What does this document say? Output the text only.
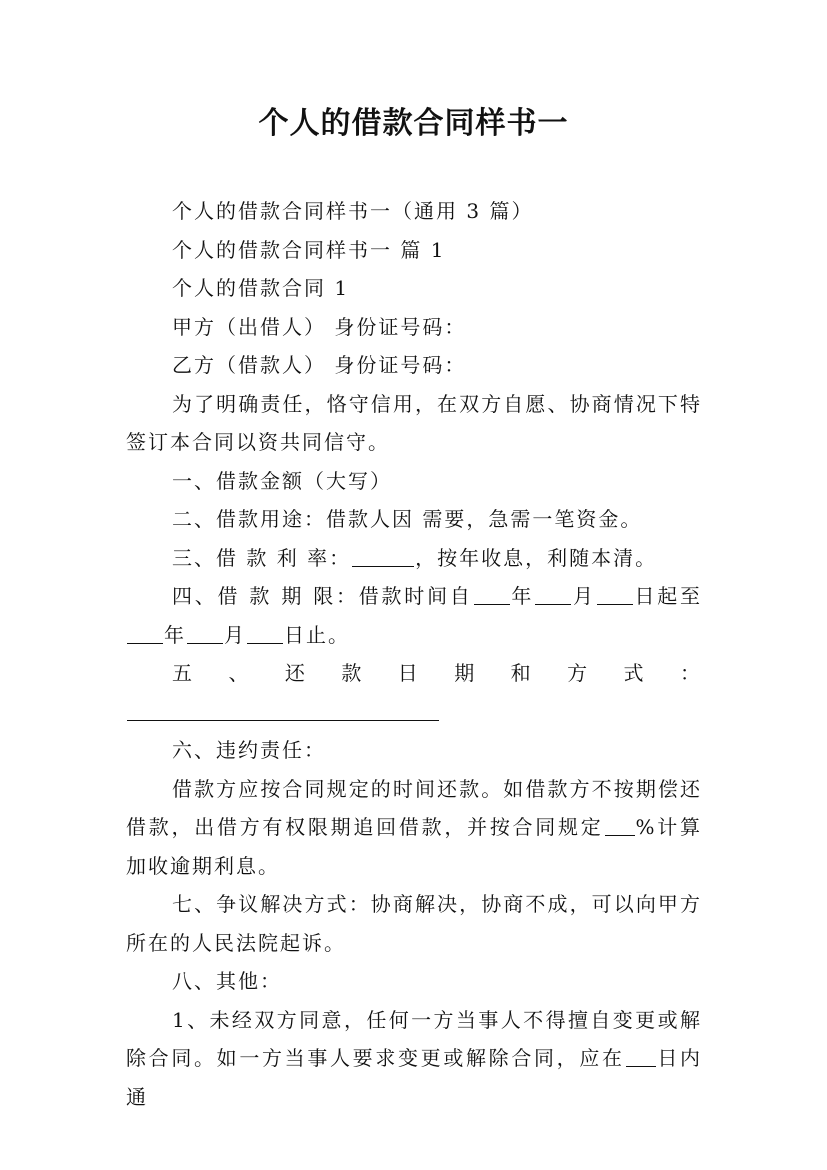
个人的借款合同样书一

个人的借款合同样书一（通用 3 篇）

个人的借款合同样书一 篇 1

个人的借款合同 1

甲方（出借人） 身份证号码：

乙方（借款人） 身份证号码：

为了明确责任，恪守信用，在双方自愿、协商情况下特签订本合同以资共同信守。

一、借款金额（大写）

二、借款用途：借款人因 需要，急需一笔资金。

三、借 款 利 率：	，按年收息，利随本清。

四、借 款 期 限：借款时间自 年 月 日起至年 月 日止。

五、还款日期和方式：

六、违约责任：

借款方应按合同规定的时间还款。如借款方不按期偿还借款，出借方有权限期追回借款，并按合同规定 %计算加收逾期利息。

七、争议解决方式：协商解决，协商不成，可以向甲方所在的人民法院起诉。

八、其他：

1、未经双方同意，任何一方当事人不得擅自变更或解除合同。如一方当事人要求变更或解除合同，应在 日内通
